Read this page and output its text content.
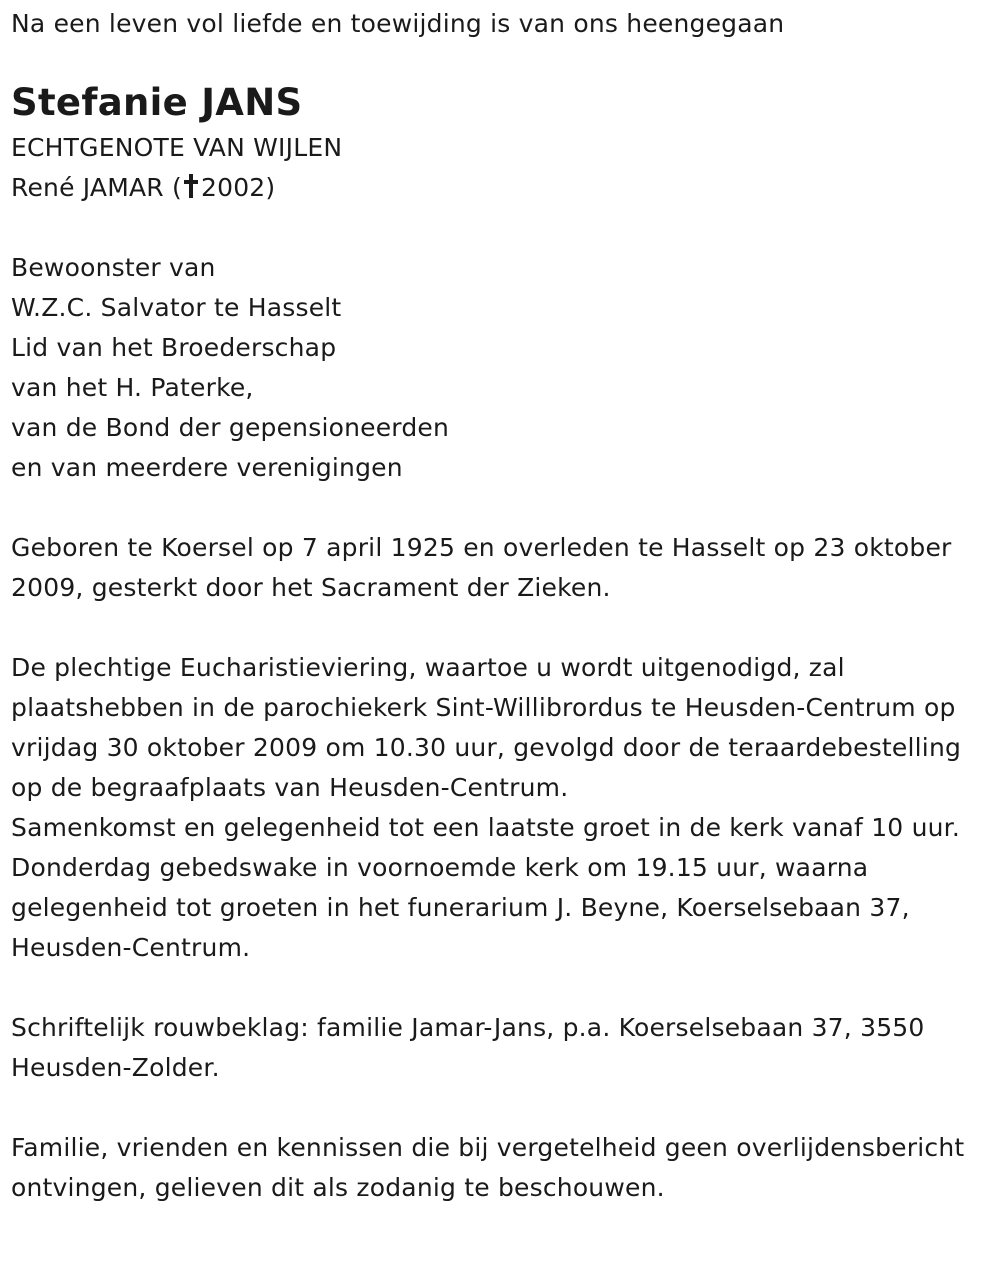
Na een leven vol liefde en toewijding is van ons heengegaan
Stefanie JANS
ECHTGENOTE VAN WIJLEN
René JAMAR ( 2002)
Bewoonster van
W.Z.C. Salvator te Hasselt
Lid van het Broederschap
van het H. Paterke,
van de Bond der gepensioneerden
en van meerdere verenigingen
Geboren te Koersel op 7 april 1925 en overleden te Hasselt op 23 oktober 2009, gesterkt door het Sacrament der Zieken.
De plechtige Eucharistieviering, waartoe u wordt uitgenodigd, zal plaatshebben in de parochiekerk Sint-Willibrordus te Heusden-Centrum op vrijdag 30 oktober 2009 om 10.30 uur, gevolgd door de teraardebestelling op de begraafplaats van Heusden-Centrum.
Samenkomst en gelegenheid tot een laatste groet in de kerk vanaf 10 uur.
Donderdag gebedswake in voornoemde kerk om 19.15 uur, waarna gelegenheid tot groeten in het funerarium J. Beyne, Koerselsebaan 37, Heusden-Centrum.
Schriftelijk rouwbeklag: familie Jamar-Jans, p.a. Koerselsebaan 37, 3550 Heusden-Zolder.
Familie, vrienden en kennissen die bij vergetelheid geen overlijdensbericht ontvingen, gelieven dit als zodanig te beschouwen.
